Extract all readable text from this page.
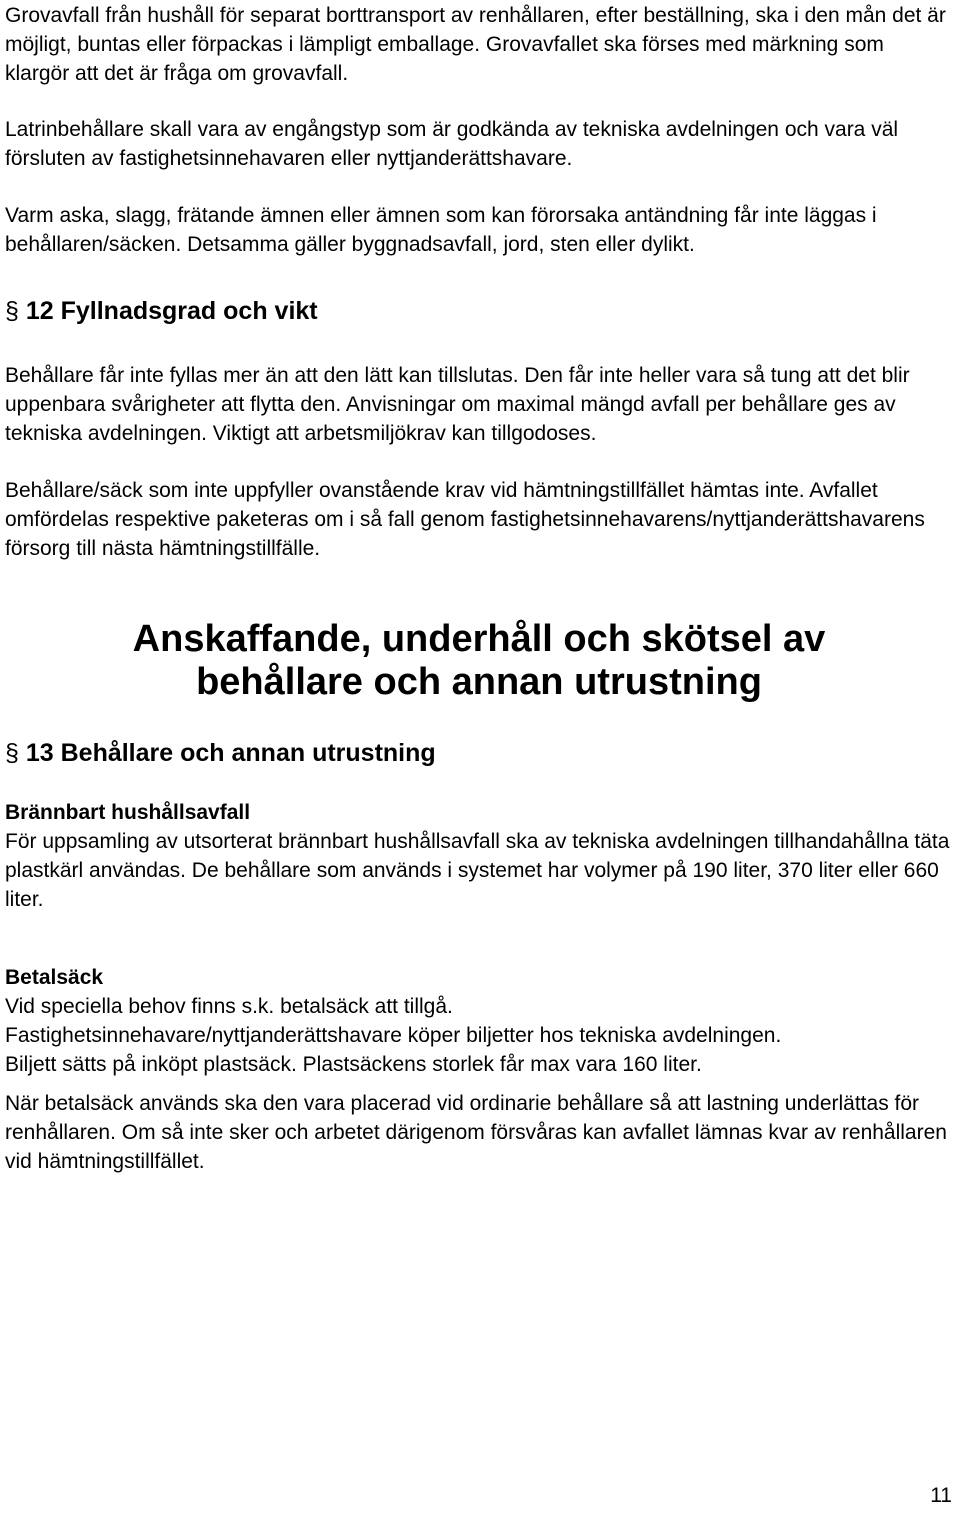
Grovavfall från hushåll för separat borttransport av renhållaren, efter beställning, ska i den mån det är möjligt, buntas eller förpackas i lämpligt emballage. Grovavfallet ska förses med märkning som klargör att det är fråga om grovavfall.

Latrinbehållare skall vara av engångstyp som är godkända av tekniska avdelningen och vara väl försluten av fastighetsinnehavaren eller nyttjanderättshavare.

Varm aska, slagg, frätande ämnen eller ämnen som kan förorsaka antändning får inte läggas i behållaren/säcken. Detsamma gäller byggnadsavfall, jord, sten eller dylikt.

§ 12 Fyllnadsgrad och vikt

Behållare får inte fyllas mer än att den lätt kan tillslutas. Den får inte heller vara så tung att det blir uppenbara svårigheter att flytta den. Anvisningar om maximal mängd avfall per behållare ges av tekniska avdelningen. Viktigt att arbetsmiljökrav kan tillgodoses.

Behållare/säck som inte uppfyller ovanstående krav vid hämtningstillfället hämtas inte. Avfallet omfördelas respektive paketeras om i så fall genom fastighetsinnehavarens/nyttjanderättshavarens försorg till nästa hämtningstillfälle.

Anskaffande, underhåll och skötsel av
behållare och annan utrustning
§ 13 Behållare och annan utrustning

Brännbart hushållsavfall

För uppsamling av utsorterat brännbart hushållsavfall ska av tekniska avdelningen tillhandahållna täta plastkärl användas. De behållare som används i systemet har volymer på 190 liter, 370 liter eller 660 liter.

Betalsäck

Vid speciella behov finns s.k. betalsäck att tillgå.

Fastighetsinnehavare/nyttjanderättshavare köper biljetter hos tekniska avdelningen.

Biljett sätts på inköpt plastsäck. Plastsäckens storlek får max vara 160 liter.

När betalsäck används ska den vara placerad vid ordinarie behållare så att lastning underlättas för renhållaren. Om så inte sker och arbetet därigenom försvåras kan avfallet lämnas kvar av renhållaren vid hämtningstillfället.

11
